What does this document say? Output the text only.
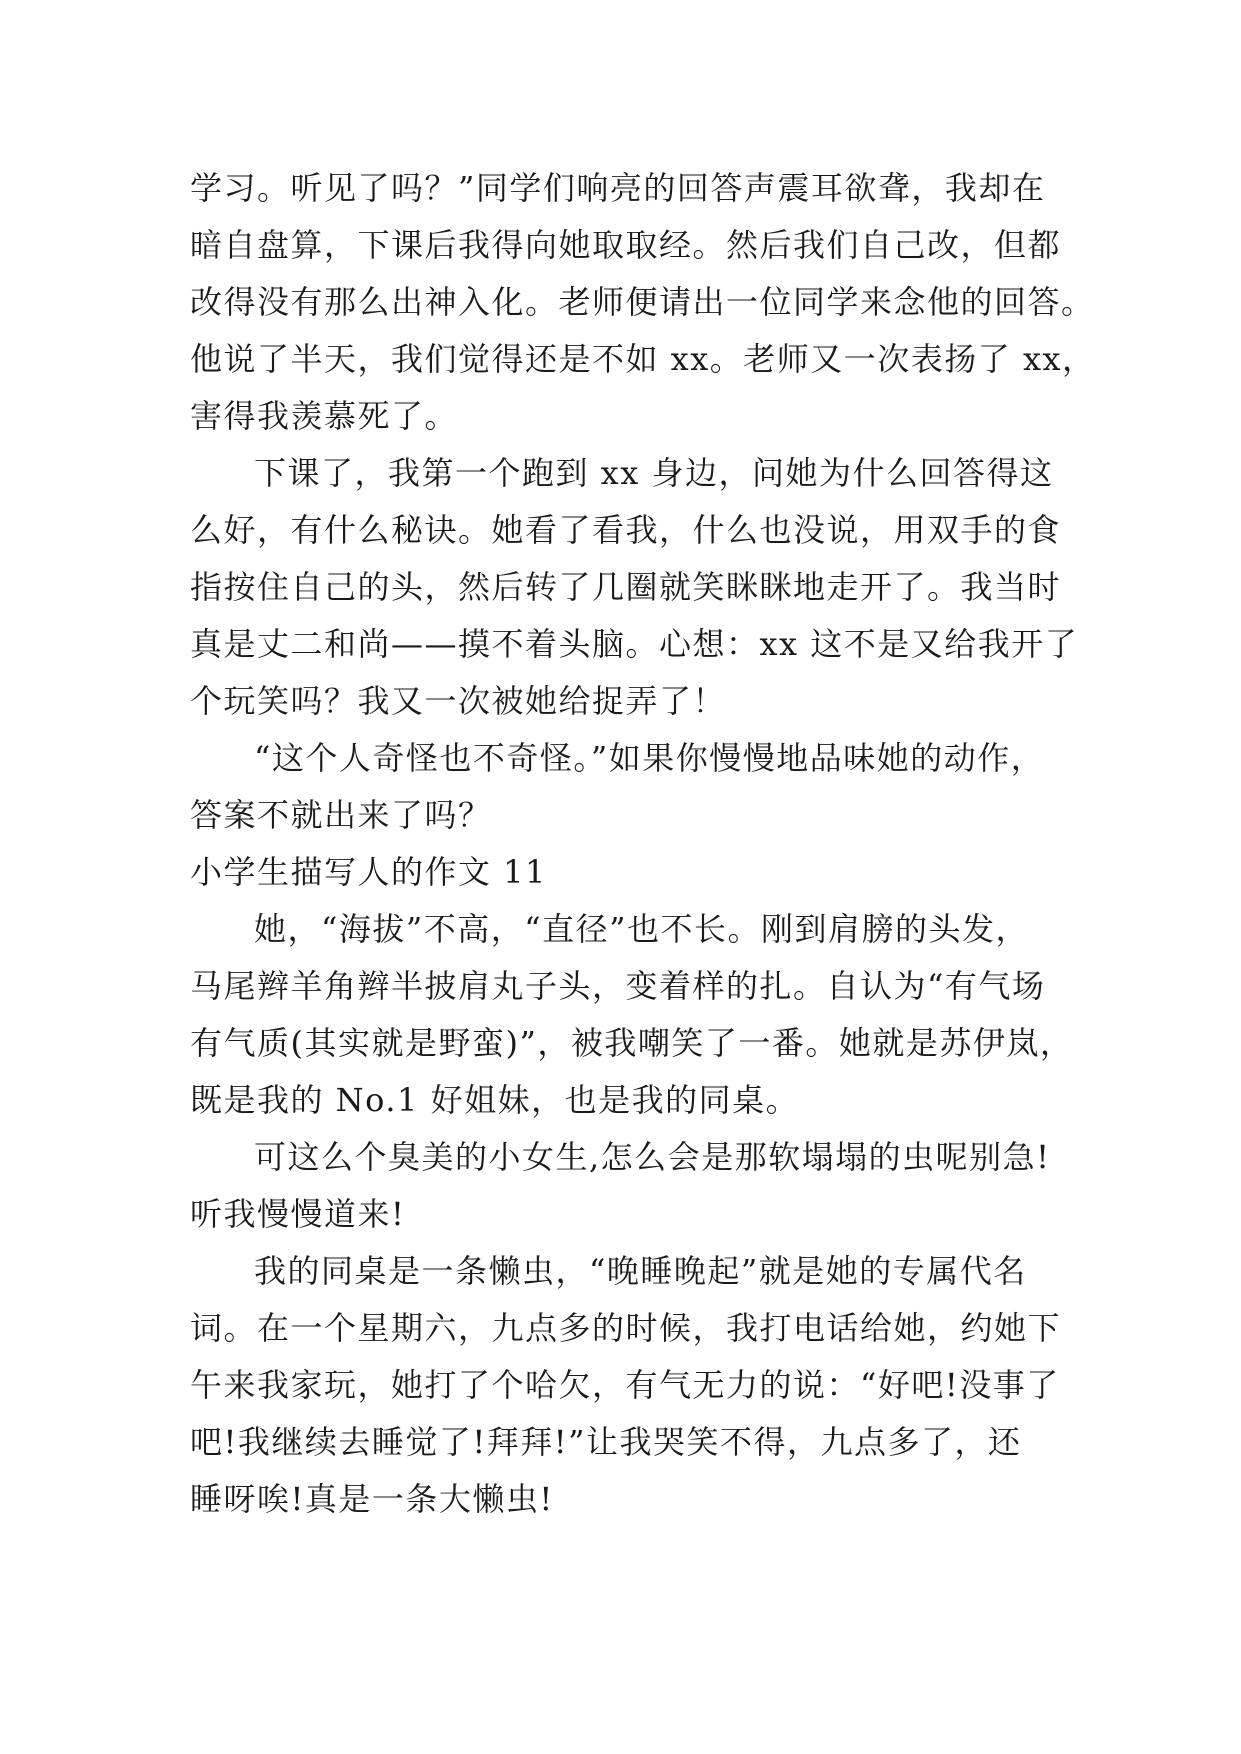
学习。听见了吗？”同学们响亮的回答声震耳欲聋，我却在
暗自盘算，下课后我得向她取取经。然后我们自己改，但都
改得没有那么出神入化。老师便请出一位同学来念他的回答。
他说了半天，我们觉得还是不如 xx。老师又一次表扬了 xx，
害得我羡慕死了。
下课了，我第一个跑到 xx 身边，问她为什么回答得这
么好，有什么秘诀。她看了看我，什么也没说，用双手的食
指按住自己的头，然后转了几圈就笑眯眯地走开了。我当时
真是丈二和尚——摸不着头脑。心想：xx 这不是又给我开了
个玩笑吗？我又一次被她给捉弄了！
“这个人奇怪也不奇怪。”如果你慢慢地品味她的动作，
答案不就出来了吗？
小学生描写人的作文 11
她，“海拔”不高，“直径”也不长。刚到肩膀的头发，
马尾辫羊角辫半披肩丸子头，变着样的扎。自认为“有气场
有气质(其实就是野蛮)”，被我嘲笑了一番。她就是苏伊岚，
既是我的 No.1 好姐妹，也是我的同桌。
可这么个臭美的小女生,怎么会是那软塌塌的虫呢别急!
听我慢慢道来!
我的同桌是一条懒虫，“晚睡晚起”就是她的专属代名
词。在一个星期六，九点多的时候，我打电话给她，约她下
午来我家玩，她打了个哈欠，有气无力的说：“好吧!没事了
吧!我继续去睡觉了!拜拜!”让我哭笑不得，九点多了，还
睡呀唉!真是一条大懒虫!
